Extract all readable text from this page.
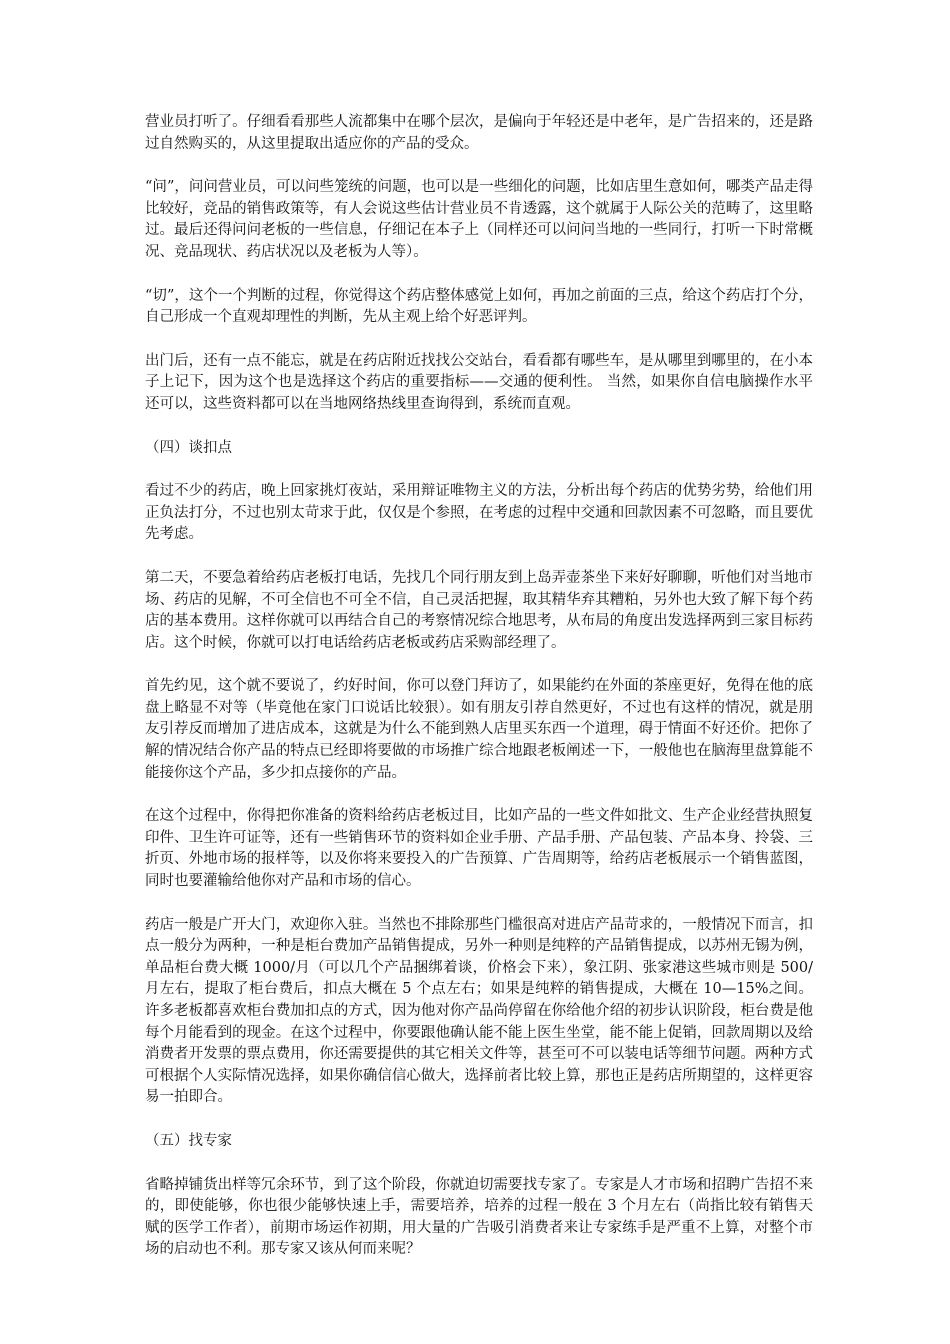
营业员打听了。仔细看看那些人流都集中在哪个层次，是偏向于年轻还是中老年，是广告招来的，还是路过自然购买的，从这里提取出适应你的产品的受众。

“问”，问问营业员，可以问些笼统的问题，也可以是一些细化的问题，比如店里生意如何，哪类产品走得比较好，竞品的销售政策等，有人会说这些估计营业员不肯透露，这个就属于人际公关的范畴了，这里略过。最后还得问问老板的一些信息，仔细记在本子上（同样还可以问问当地的一些同行，打听一下时常概况、竞品现状、药店状况以及老板为人等）。

“切”，这个一个判断的过程，你觉得这个药店整体感觉上如何，再加之前面的三点，给这个药店打个分，自己形成一个直观却理性的判断，先从主观上给个好恶评判。

出门后，还有一点不能忘，就是在药店附近找找公交站台，看看都有哪些车，是从哪里到哪里的，在小本子上记下，因为这个也是选择这个药店的重要指标——交通的便利性。 当然，如果你自信电脑操作水平还可以，这些资料都可以在当地网络热线里查询得到，系统而直观。

（四）谈扣点

看过不少的药店，晚上回家挑灯夜站，采用辩证唯物主义的方法，分析出每个药店的优势劣势，给他们用正负法打分，不过也别太苛求于此，仅仅是个参照，在考虑的过程中交通和回款因素不可忽略，而且要优先考虑。

第二天，不要急着给药店老板打电话，先找几个同行朋友到上岛弄壶茶坐下来好好聊聊，听他们对当地市场、药店的见解，不可全信也不可全不信，自己灵活把握，取其精华弃其糟粕，另外也大致了解下每个药店的基本费用。这样你就可以再结合自己的考察情况综合地思考，从布局的角度出发选择两到三家目标药店。这个时候，你就可以打电话给药店老板或药店采购部经理了。

首先约见，这个就不要说了，约好时间，你可以登门拜访了，如果能约在外面的茶座更好，免得在他的底盘上略显不对等（毕竟他在家门口说话比较狠）。如有朋友引荐自然更好，不过也有这样的情况，就是朋友引荐反而增加了进店成本，这就是为什么不能到熟人店里买东西一个道理，碍于情面不好还价。把你了解的情况结合你产品的特点已经即将要做的市场推广综合地跟老板阐述一下，一般他也在脑海里盘算能不能接你这个产品，多少扣点接你的产品。

在这个过程中，你得把你准备的资料给药店老板过目，比如产品的一些文件如批文、生产企业经营执照复印件、卫生许可证等，还有一些销售环节的资料如企业手册、产品手册、产品包装、产品本身、拎袋、三折页、外地市场的报样等，以及你将来要投入的广告预算、广告周期等，给药店老板展示一个销售蓝图，同时也要灌输给他你对产品和市场的信心。

药店一般是广开大门，欢迎你入驻。当然也不排除那些门槛很高对进店产品苛求的，一般情况下而言，扣点一般分为两种，一种是柜台费加产品销售提成，另外一种则是纯粹的产品销售提成，以苏州无锡为例，单品柜台费大概 1000/月（可以几个产品捆绑着谈，价格会下来），象江阴、张家港这些城市则是 500/月左右，提取了柜台费后，扣点大概在 5 个点左右；如果是纯粹的销售提成，大概在 10—15%之间。许多老板都喜欢柜台费加扣点的方式，因为他对你产品尚停留在你给他介绍的初步认识阶段，柜台费是他每个月能看到的现金。在这个过程中，你要跟他确认能不能上医生坐堂，能不能上促销，回款周期以及给消费者开发票的票点费用，你还需要提供的其它相关文件等，甚至可不可以装电话等细节问题。两种方式可根据个人实际情况选择，如果你确信信心做大，选择前者比较上算，那也正是药店所期望的，这样更容易一拍即合。

（五）找专家

省略掉铺货出样等冗余环节，到了这个阶段，你就迫切需要找专家了。专家是人才市场和招聘广告招不来的，即使能够，你也很少能够快速上手，需要培养，培养的过程一般在 3 个月左右（尚指比较有销售天赋的医学工作者），前期市场运作初期，用大量的广告吸引消费者来让专家练手是严重不上算，对整个市场的启动也不利。那专家又该从何而来呢？
